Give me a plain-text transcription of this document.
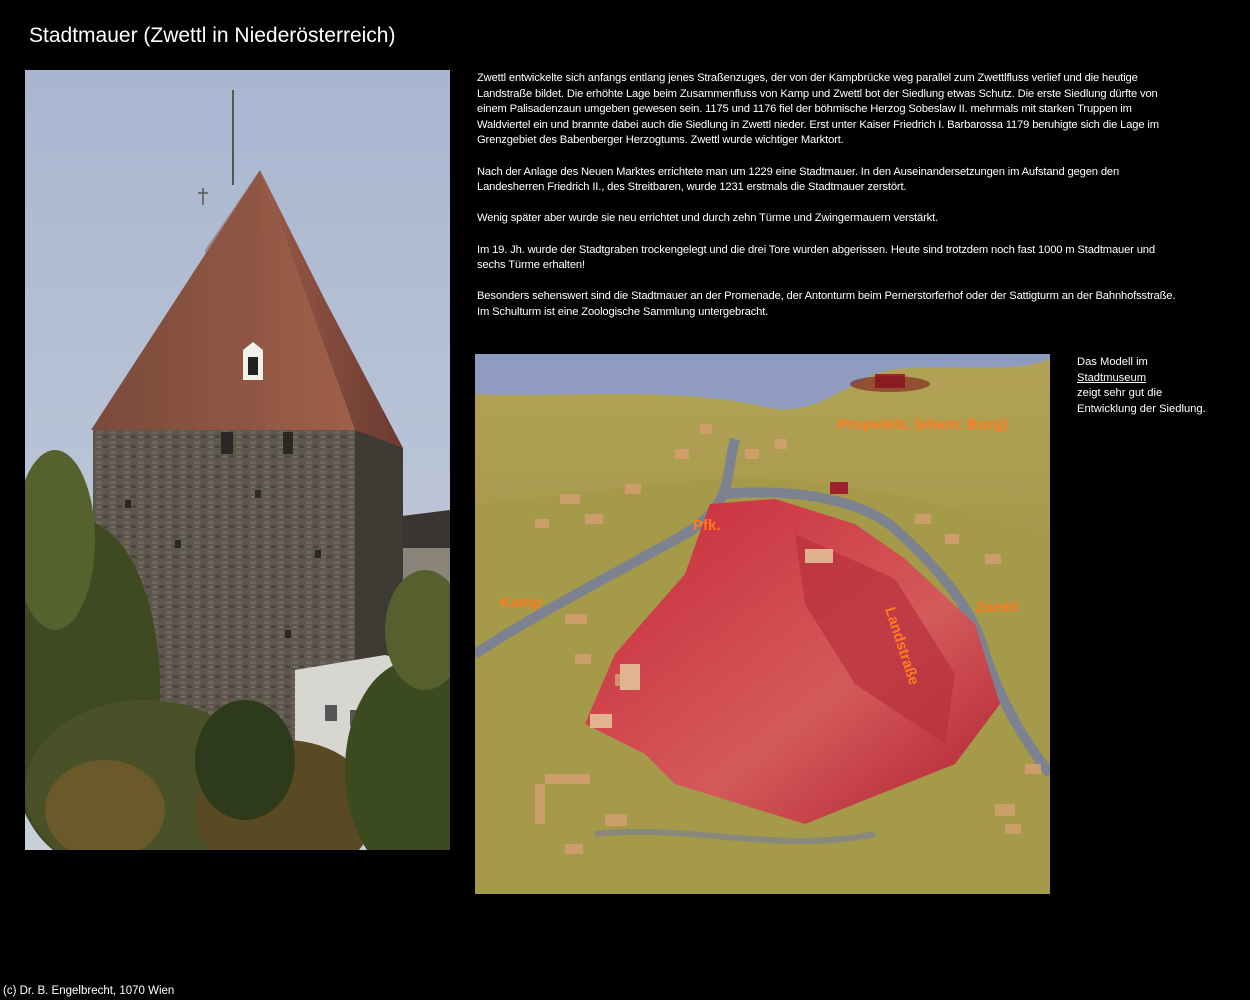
Stadtmauer (Zwettl in Niederösterreich)

Zwettl entwickelte sich anfangs entlang jenes Straßenzuges, der von der Kampbrücke weg parallel zum Zwettlfluss verlief und die heutige Landstraße bildet. Die erhöhte Lage beim Zusammenfluss von Kamp und Zwettl bot der Siedlung etwas Schutz. Die erste Siedlung dürfte von einem Palisadenzaun umgeben gewesen sein. 1175 und 1176 fiel der böhmische Herzog Sobeslaw II. mehrmals mit starken Truppen im Waldviertel ein und brannte dabei auch die Siedlung in Zwettl nieder. Erst unter Kaiser Friedrich I. Barbarossa 1179 beruhigte sich die Lage im Grenzgebiet des Babenberger Herzogtums. Zwettl wurde wichtiger Marktort.

Nach der Anlage des Neuen Marktes errichtete man um 1229 eine Stadtmauer. In den Auseinandersetzungen im Aufstand gegen den Landesherren Friedrich II., des Streitbaren, wurde 1231 erstmals die Stadtmauer zerstört.

Wenig später aber wurde sie neu errichtet und durch zehn Türme und Zwingermauern verstärkt.

Im 19. Jh. wurde der Stadtgraben trockengelegt und die drei Tore wurden abgerissen. Heute sind trotzdem noch fast 1000 m Stadtmauer und sechs Türme erhalten!

Besonders sehenswert sind die Stadtmauer an der Promenade, der Antonturm beim Pernerstorferhof oder der Sattigturm an der Bahnhofsstraße. Im Schulturm ist eine Zoologische Sammlung untergebracht.

Propsteik. (ehem. Burg)
Pfk.
Kamp	Zwettl
Landstraße
Das Modell im
Stadtmuseum
zeigt sehr gut die
Entwicklung der Siedlung.
(c) Dr. B. Engelbrecht, 1070 Wien
